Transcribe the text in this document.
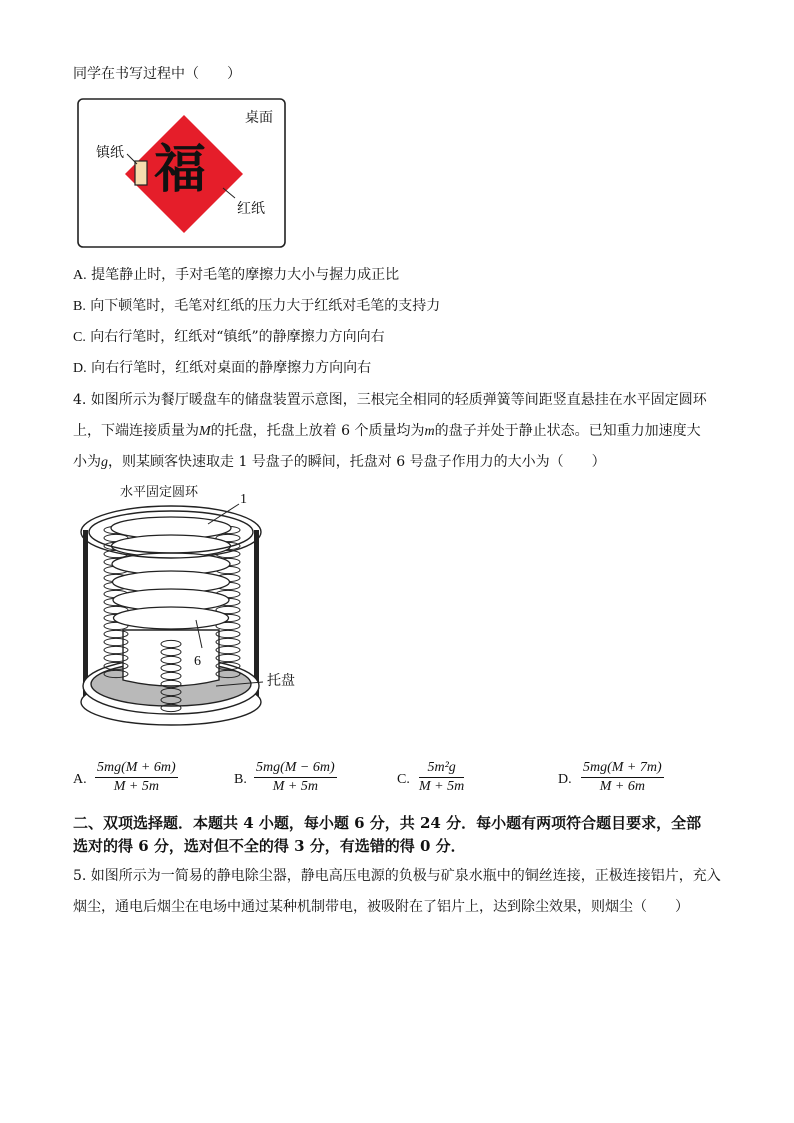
同学在书写过程中（　　）
桌面
镇纸
红纸
福
A. 提笔静止时，手对毛笔的摩擦力大小与握力成正比
B. 向下顿笔时，毛笔对红纸的压力大于红纸对毛笔的支持力
C. 向右行笔时，红纸对“镇纸”的静摩擦力方向向右
D. 向右行笔时，红纸对桌面的静摩擦力方向向右
4. 如图所示为餐厅暖盘车的储盘装置示意图，三根完全相同的轻质弹簧等间距竖直悬挂在水平固定圆环
上，下端连接质量为M的托盘，托盘上放着 6 个质量均为m的盘子并处于静止状态。已知重力加速度大
小为g，则某顾客快速取走 1 号盘子的瞬间，托盘对 6 号盘子作用力的大小为（　　）
水平固定圆环	1
6
托盘
A. $\frac{5mg(M + 6m)}{M + 5m}$	B. $\frac{5mg(M - 6m)}{M + 5m}$	C. $\frac{\text{5m²g}}{M + 5m}$	D. $\frac{5mg(M + 7m)}{M + 6m}$
二、双项选择题．本题共 4 小题，每小题 6 分，共 24 分．每小题有两项符合题目要求，全部
选对的得 6 分，选对但不全的得 3 分，有选错的得 0 分．
5. 如图所示为一简易的静电除尘器，静电高压电源的负极与矿泉水瓶中的铜丝连接，正极连接铝片，充入
烟尘，通电后烟尘在电场中通过某种机制带电，被吸附在了铝片上，达到除尘效果，则烟尘（　　）
